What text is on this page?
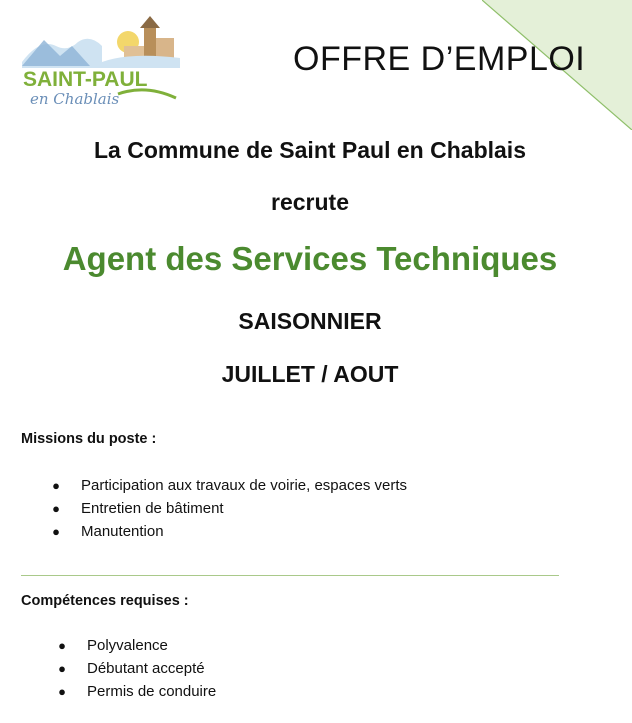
SAINT-PAUL
en Chablais
OFFRE D’EMPLOI
La Commune de Saint Paul en Chablais
recrute
Agent des Services Techniques
SAISONNIER
JUILLET / AOUT
Missions du poste :
● Participation aux travaux de voirie, espaces verts
● Entretien de bâtiment
● Manutention
Compétences requises :
● Polyvalence
● Débutant accepté
● Permis de conduire
